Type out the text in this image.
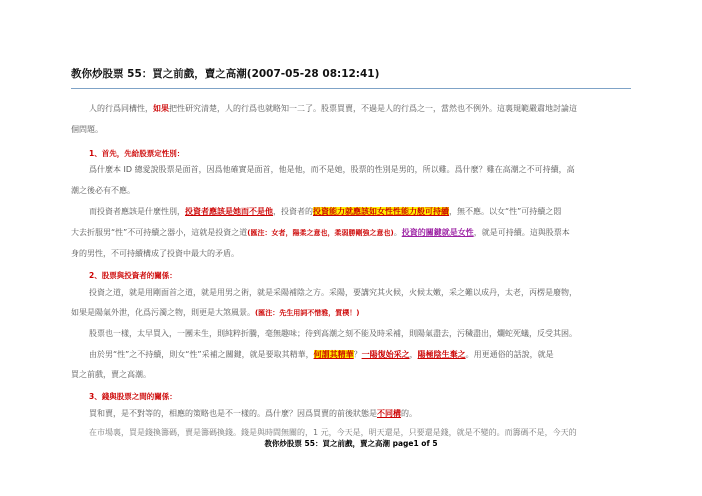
教你炒股票 55：買之前戲，賣之高潮(2007-05-28 08:12:41)
人的行爲同構性，如果把性研究清楚，人的行爲也就略知一二了。股票買賣，不過是人的行爲之一，當然也不例外。這裏規範嚴肅地討論這
個問題。
1、首先，先給股票定性別：
爲什麼本 ID 總愛說股票是面首，因爲他確實是面首，他是他，而不是她，股票的性別是男的，所以雞。爲什麼？雞在高潮之不可持續，高
潮之後必有不應。
而投資者應該是什麼性別，投資者應該是她而不是他，投資者的投資能力就應該如女性性能力般可持續，無不應。以女“性”可持續之悶
大去折服男“性”不可持續之器小，這就是投資之道(匯注：女者，陽柔之意也，柔弱勝剛強之意也)。投資的關鍵就是女性，就是可持續。這與股票本
身的男性，不可持續構成了投資中最大的矛盾。
2、股票與投資者的關係：
投資之道，就是用剛面首之道，就是用男之術，就是采陽補陰之方。采陽，要講究其火候，火候太嫩，采之難以成丹，太老，丙楞是廢物，
如果是陽氣外泄，化爲污濁之物，則更是大煞風景。(匯注：先生用詞不惜雅，質樸！)
股票也一樣，太早買入，一團未生，則純粹折騰，毫無趣味；待到高潮之刻不能及時采補，則陽氣盡去，污穢盡出，爛蛇死蟻，反受其困。
由於男“性”之不持續，則女“性”采補之關鍵，就是要取其精華，何謂其精華？一陽復始采之，陽極陰生棄之。用更通俗的話說，就是
買之前戲，賣之高潮。
3、錢與股票之間的關係：
買和賣，是不對等的，相應的策略也是不一樣的。爲什麼？因爲買賣的前後狀態是不同構的。
在市場裏，買是錢換籌碼，賣是籌碼換錢。錢是與時間無關的，1 元，今天是，明天還是，只要還是錢，就是不變的。而籌碼不是，今天的
教你炒股票 55：買之前戲，賣之高潮 page1 of 5
